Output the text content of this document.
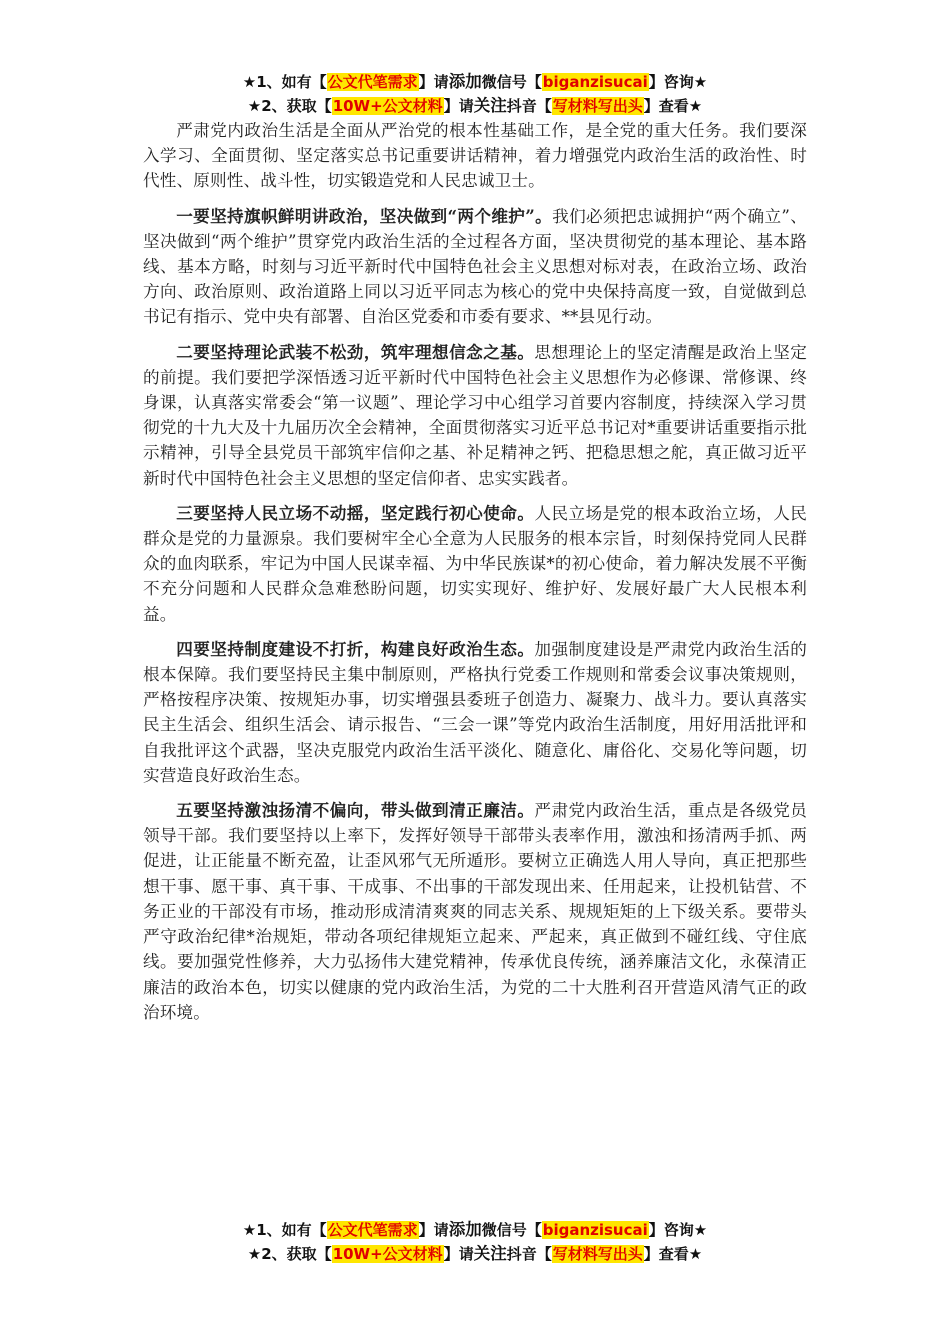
★1、如有【公文代笔需求】请添加微信号【biganzisucai】咨询★
★2、获取【10W+公文材料】请关注抖音【写材料写出头】查看★

严肃党内政治生活是全面从严治党的根本性基础工作，是全党的重大任务。我们要深入学习、全面贯彻、坚定落实总书记重要讲话精神，着力增强党内政治生活的政治性、时代性、原则性、战斗性，切实锻造党和人民忠诚卫士。

一要坚持旗帜鲜明讲政治，坚决做到“两个维护”。我们必须把忠诚拥护“两个确立”、坚决做到“两个维护”贯穿党内政治生活的全过程各方面，坚决贯彻党的基本理论、基本路线、基本方略，时刻与习近平新时代中国特色社会主义思想对标对表，在政治立场、政治方向、政治原则、政治道路上同以习近平同志为核心的党中央保持高度一致，自觉做到总书记有指示、党中央有部署、自治区党委和市委有要求、**县见行动。

二要坚持理论武装不松劲，筑牢理想信念之基。思想理论上的坚定清醒是政治上坚定的前提。我们要把学深悟透习近平新时代中国特色社会主义思想作为必修课、常修课、终身课，认真落实常委会“第一议题”、理论学习中心组学习首要内容制度，持续深入学习贯彻党的十九大及十九届历次全会精神，全面贯彻落实习近平总书记对*重要讲话重要指示批示精神，引导全县党员干部筑牢信仰之基、补足精神之钙、把稳思想之舵，真正做习近平新时代中国特色社会主义思想的坚定信仰者、忠实实践者。

三要坚持人民立场不动摇，坚定践行初心使命。人民立场是党的根本政治立场，人民群众是党的力量源泉。我们要树牢全心全意为人民服务的根本宗旨，时刻保持党同人民群众的血肉联系，牢记为中国人民谋幸福、为中华民族谋*的初心使命，着力解决发展不平衡不充分问题和人民群众急难愁盼问题，切实实现好、维护好、发展好最广大人民根本利益。

四要坚持制度建设不打折，构建良好政治生态。加强制度建设是严肃党内政治生活的根本保障。我们要坚持民主集中制原则，严格执行党委工作规则和常委会议事决策规则，严格按程序决策、按规矩办事，切实增强县委班子创造力、凝聚力、战斗力。要认真落实民主生活会、组织生活会、请示报告、“三会一课”等党内政治生活制度，用好用活批评和自我批评这个武器，坚决克服党内政治生活平淡化、随意化、庸俗化、交易化等问题，切实营造良好政治生态。

五要坚持激浊扬清不偏向，带头做到清正廉洁。严肃党内政治生活，重点是各级党员领导干部。我们要坚持以上率下，发挥好领导干部带头表率作用，激浊和扬清两手抓、两促进，让正能量不断充盈，让歪风邪气无所遁形。要树立正确选人用人导向，真正把那些想干事、愿干事、真干事、干成事、不出事的干部发现出来、任用起来，让投机钻营、不务正业的干部没有市场，推动形成清清爽爽的同志关系、规规矩矩的上下级关系。要带头严守政治纪律*治规矩，带动各项纪律规矩立起来、严起来，真正做到不碰红线、守住底线。要加强党性修养，大力弘扬伟大建党精神，传承优良传统，涵养廉洁文化，永葆清正廉洁的政治本色，切实以健康的党内政治生活，为党的二十大胜利召开营造风清气正的政治环境。

★1、如有【公文代笔需求】请添加微信号【biganzisucai】咨询★
★2、获取【10W+公文材料】请关注抖音【写材料写出头】查看★
